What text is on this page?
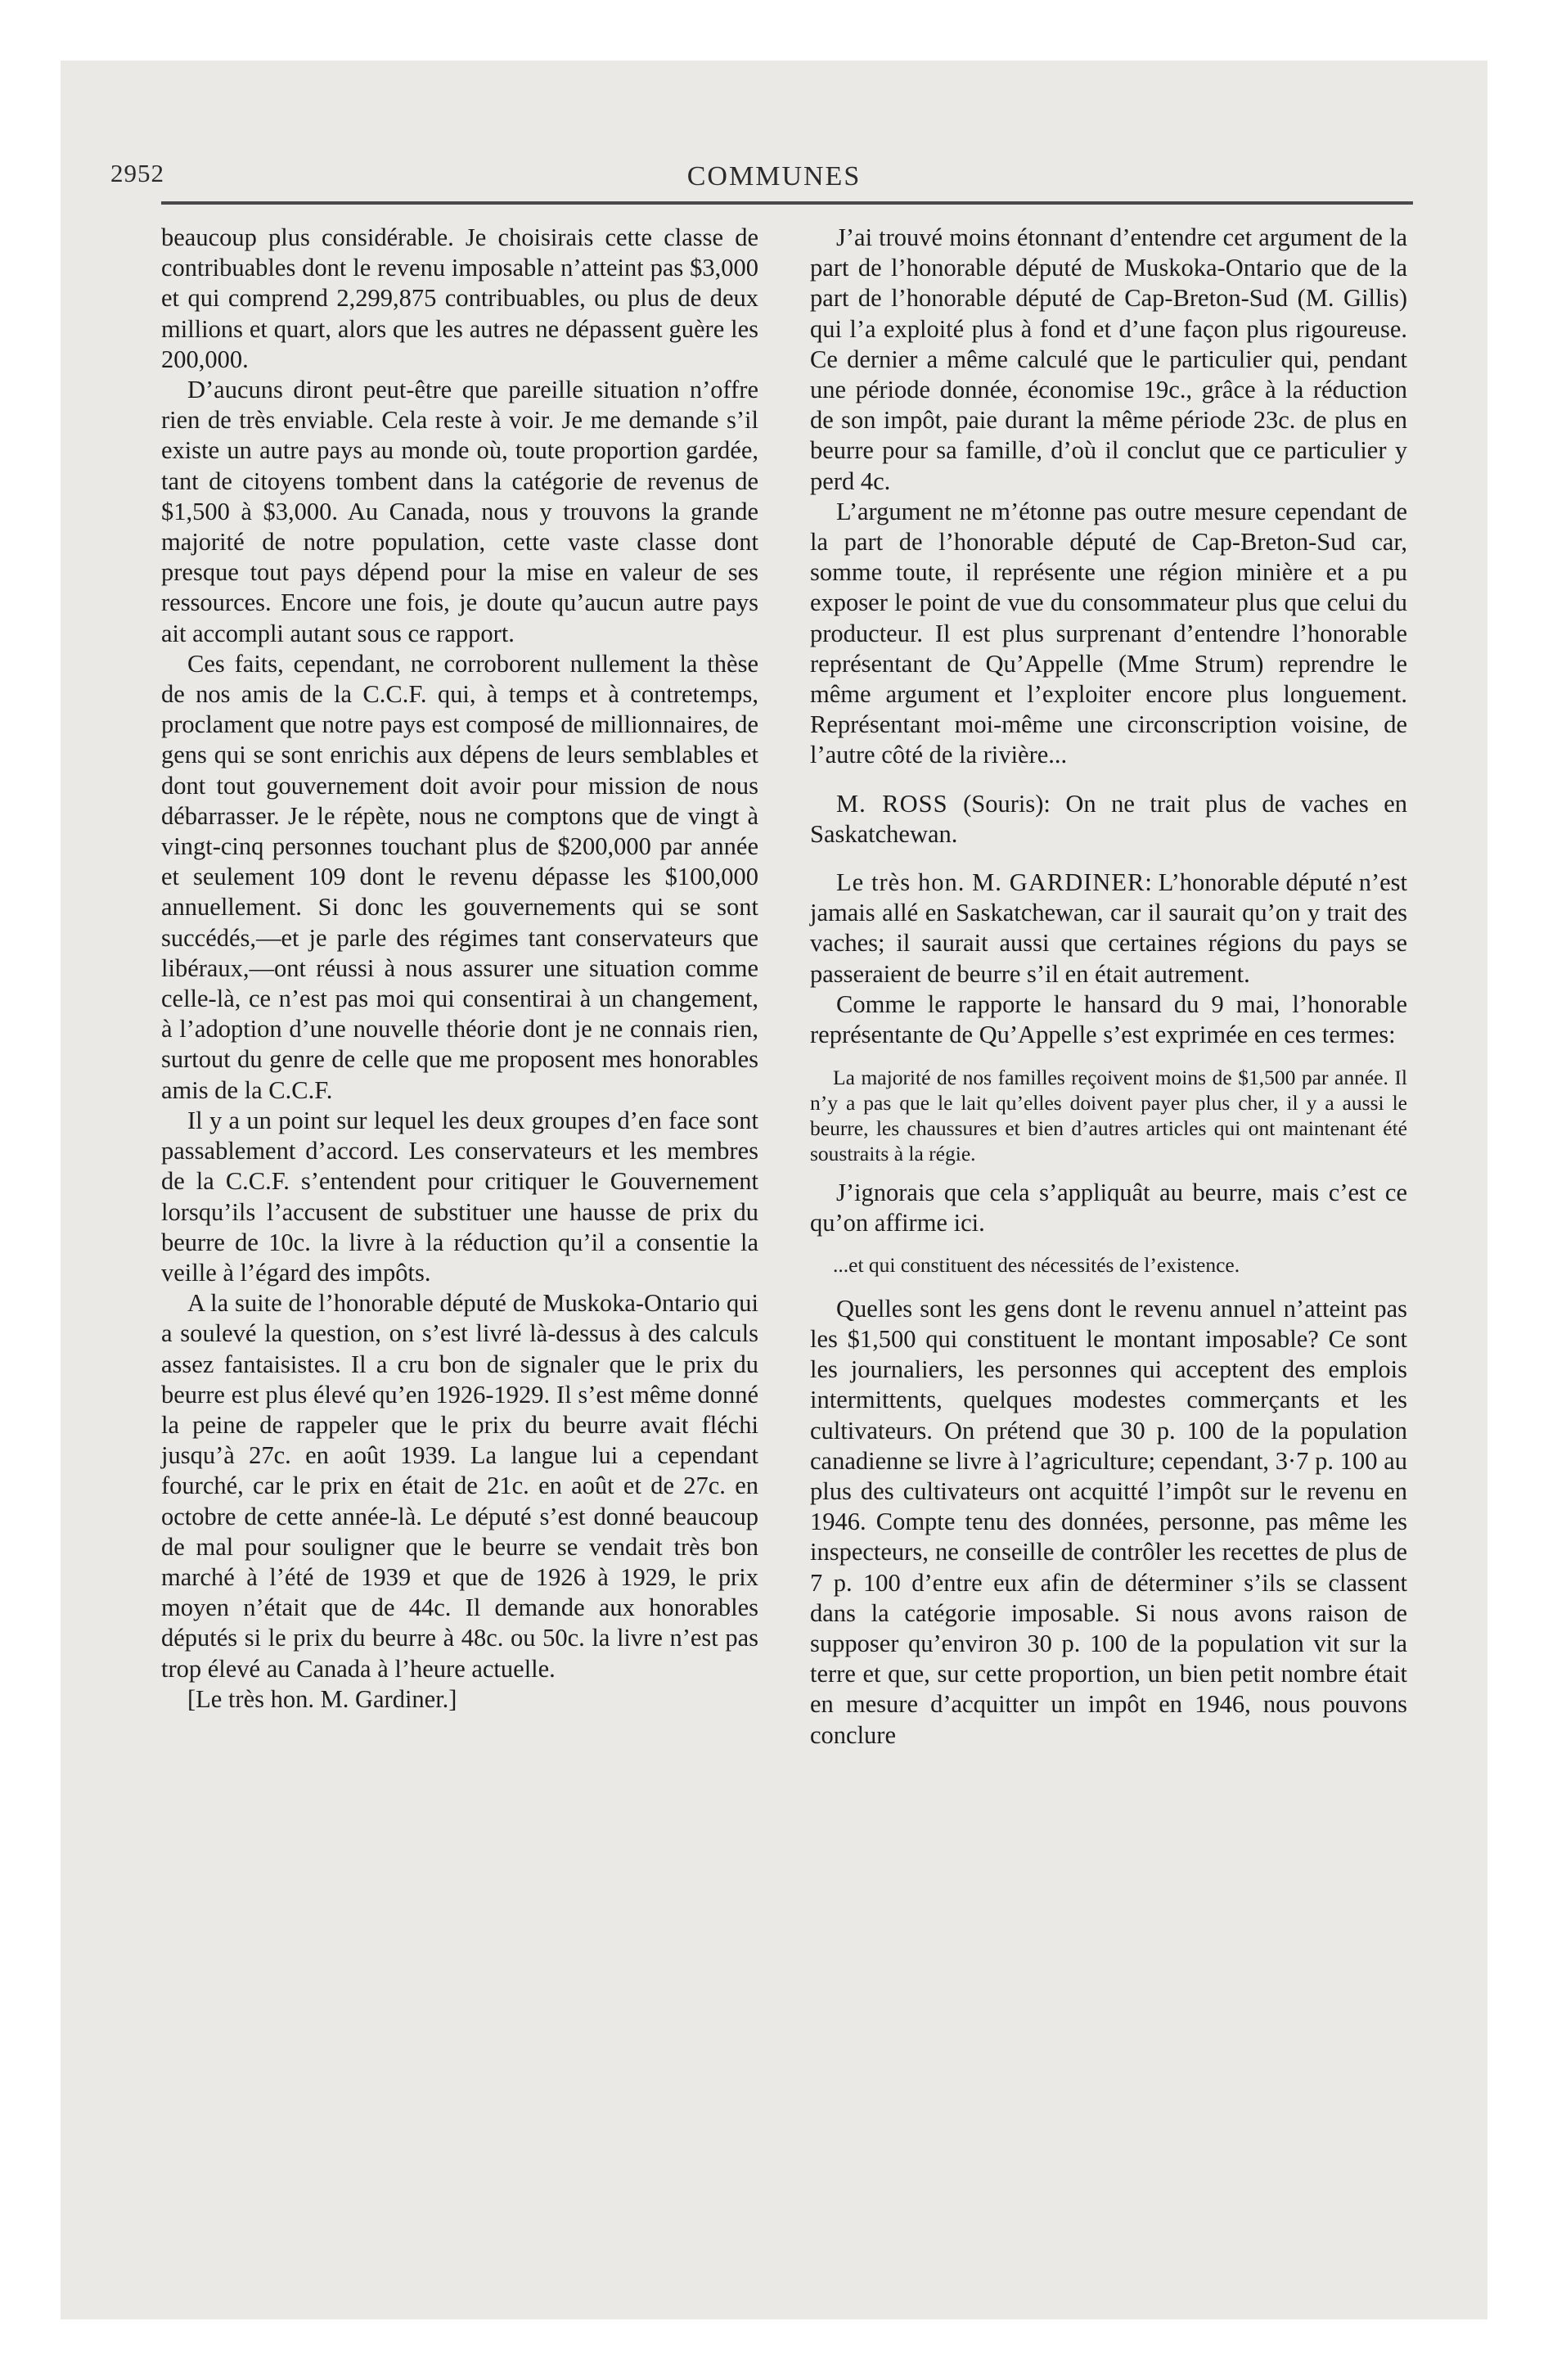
2952	COMMUNES

beaucoup plus considérable. Je choisirais cette classe de contribuables dont le revenu imposable n’atteint pas $3,000 et qui comprend 2,299,875 contribuables, ou plus de deux millions et quart, alors que les autres ne dépassent guère les 200,000.

D’aucuns diront peut-être que pareille situation n’offre rien de très enviable. Cela reste à voir. Je me demande s’il existe un autre pays au monde où, toute proportion gardée, tant de citoyens tombent dans la catégorie de revenus de $1,500 à $3,000. Au Canada, nous y trouvons la grande majorité de notre population, cette vaste classe dont presque tout pays dépend pour la mise en valeur de ses ressources. Encore une fois, je doute qu’aucun autre pays ait accompli autant sous ce rapport.

Ces faits, cependant, ne corroborent nullement la thèse de nos amis de la C.C.F. qui, à temps et à contretemps, proclament que notre pays est composé de millionnaires, de gens qui se sont enrichis aux dépens de leurs semblables et dont tout gouvernement doit avoir pour mission de nous débarrasser. Je le répète, nous ne comptons que de vingt à vingt-cinq personnes touchant plus de $200,000 par année et seulement 109 dont le revenu dépasse les $100,000 annuellement. Si donc les gouvernements qui se sont succédés,—et je parle des régimes tant conservateurs que libéraux,—ont réussi à nous assurer une situation comme celle-là, ce n’est pas moi qui consentirai à un changement, à l’adoption d’une nouvelle théorie dont je ne connais rien, surtout du genre de celle que me proposent mes honorables amis de la C.C.F.

Il y a un point sur lequel les deux groupes d’en face sont passablement d’accord. Les conservateurs et les membres de la C.C.F. s’entendent pour critiquer le Gouvernement lorsqu’ils l’accusent de substituer une hausse de prix du beurre de 10c. la livre à la réduction qu’il a consentie la veille à l’égard des impôts.

A la suite de l’honorable député de Muskoka-Ontario qui a soulevé la question, on s’est livré là-dessus à des calculs assez fantaisistes. Il a cru bon de signaler que le prix du beurre est plus élevé qu’en 1926-1929. Il s’est même donné la peine de rappeler que le prix du beurre avait fléchi jusqu’à 27c. en août 1939. La langue lui a cependant fourché, car le prix en était de 21c. en août et de 27c. en octobre de cette année-là. Le député s’est donné beaucoup de mal pour souligner que le beurre se vendait très bon marché à l’été de 1939 et que de 1926 à 1929, le prix moyen n’était que de 44c. Il demande aux honorables députés si le prix du beurre à 48c. ou 50c. la livre n’est pas trop élevé au Canada à l’heure actuelle.

[Le très hon. M. Gardiner.]

J’ai trouvé moins étonnant d’entendre cet argument de la part de l’honorable député de Muskoka-Ontario que de la part de l’honorable député de Cap-Breton-Sud (M. Gillis) qui l’a exploité plus à fond et d’une façon plus rigoureuse. Ce dernier a même calculé que le particulier qui, pendant une période donnée, économise 19c., grâce à la réduction de son impôt, paie durant la même période 23c. de plus en beurre pour sa famille, d’où il conclut que ce particulier y perd 4c.

L’argument ne m’étonne pas outre mesure cependant de la part de l’honorable député de Cap-Breton-Sud car, somme toute, il représente une région minière et a pu exposer le point de vue du consommateur plus que celui du producteur. Il est plus surprenant d’entendre l’honorable représentant de Qu’Appelle (Mme Strum) reprendre le même argument et l’exploiter encore plus longuement. Représentant moi-même une circonscription voisine, de l’autre côté de la rivière...

M. ROSS (Souris): On ne trait plus de vaches en Saskatchewan.

Le très hon. M. GARDINER: L’honorable député n’est jamais allé en Saskatchewan, car il saurait qu’on y trait des vaches; il saurait aussi que certaines régions du pays se passeraient de beurre s’il en était autrement.

Comme le rapporte le hansard du 9 mai, l’honorable représentante de Qu’Appelle s’est exprimée en ces termes:

La majorité de nos familles reçoivent moins de $1,500 par année. Il n’y a pas que le lait qu’elles doivent payer plus cher, il y a aussi le beurre, les chaussures et bien d’autres articles qui ont maintenant été soustraits à la régie.

J’ignorais que cela s’appliquât au beurre, mais c’est ce qu’on affirme ici.

...et qui constituent des nécessités de l’existence.

Quelles sont les gens dont le revenu annuel n’atteint pas les $1,500 qui constituent le montant imposable? Ce sont les journaliers, les personnes qui acceptent des emplois intermittents, quelques modestes commerçants et les cultivateurs. On prétend que 30 p. 100 de la population canadienne se livre à l’agriculture; cependant, 3·7 p. 100 au plus des cultivateurs ont acquitté l’impôt sur le revenu en 1946. Compte tenu des données, personne, pas même les inspecteurs, ne conseille de contrôler les recettes de plus de 7 p. 100 d’entre eux afin de déterminer s’ils se classent dans la catégorie imposable. Si nous avons raison de supposer qu’environ 30 p. 100 de la population vit sur la terre et que, sur cette proportion, un bien petit nombre était en mesure d’acquitter un impôt en 1946, nous pouvons conclure
